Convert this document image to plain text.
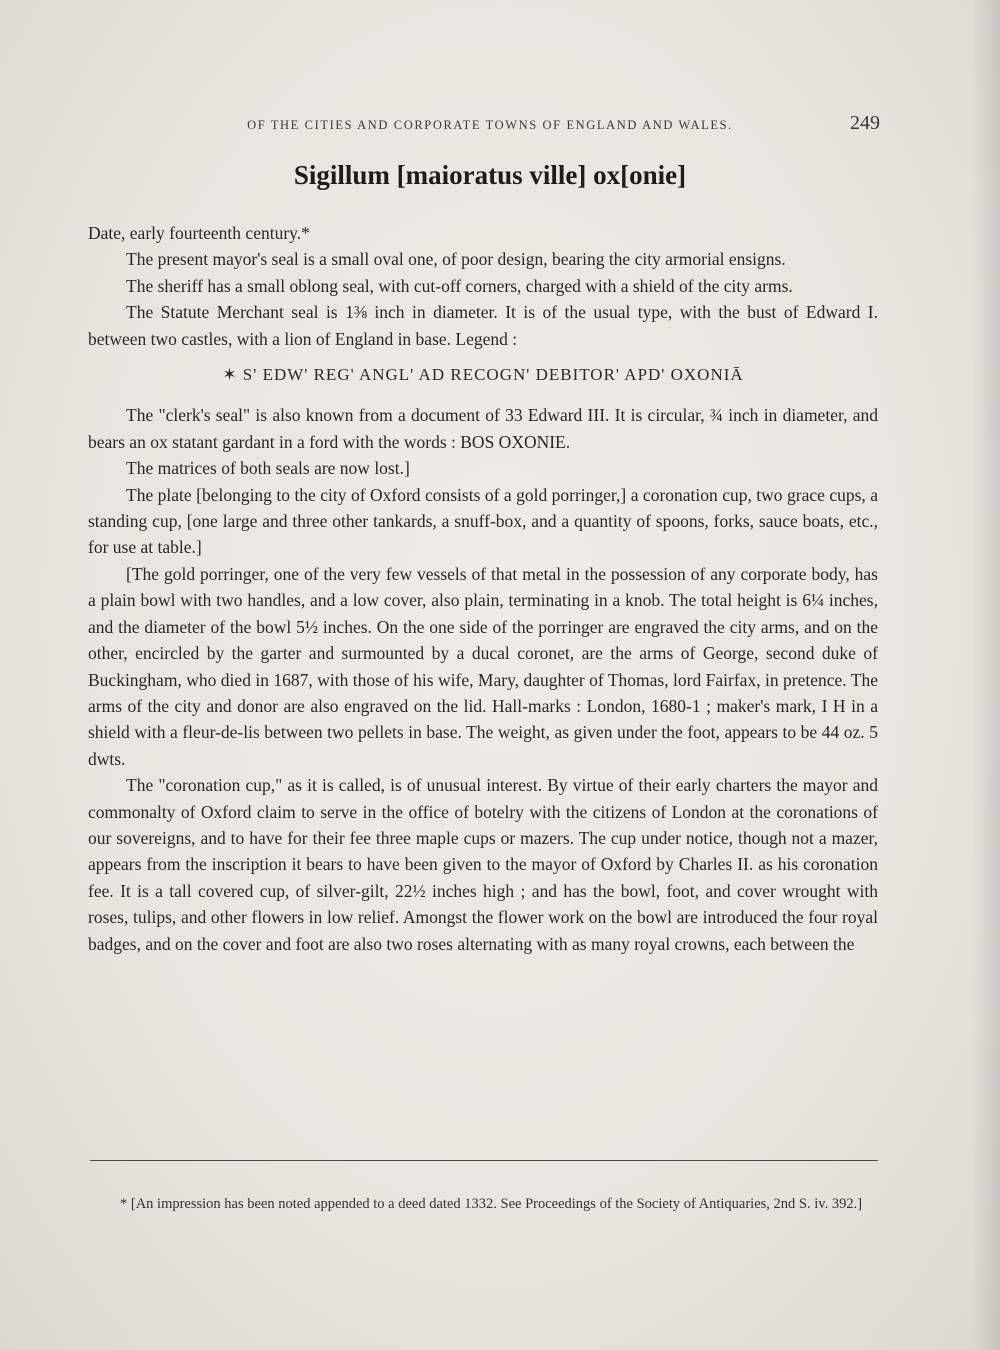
OF THE CITIES AND CORPORATE TOWNS OF ENGLAND AND WALES.	249
Sigillum [maioratus ville] ox[onie]

Date, early fourteenth century.*

The present mayor's seal is a small oval one, of poor design, bearing the city armorial ensigns.

The sheriff has a small oblong seal, with cut-off corners, charged with a shield of the city arms.

The Statute Merchant seal is 1⅜ inch in diameter. It is of the usual type, with the bust of Edward I. between two castles, with a lion of England in base. Legend :

✶ S' EDW' REG' ANGL' AD RECOGN' DEBITOR' APD' OXONIĀ

The "clerk's seal" is also known from a document of 33 Edward III. It is circular, ¾ inch in diameter, and bears an ox statant gardant in a ford with the words : BOS OXONIE.

The matrices of both seals are now lost.]

The plate [belonging to the city of Oxford consists of a gold porringer,] a coronation cup, two grace cups, a standing cup, [one large and three other tankards, a snuff-box, and a quantity of spoons, forks, sauce boats, etc., for use at table.]

[The gold porringer, one of the very few vessels of that metal in the possession of any corporate body, has a plain bowl with two handles, and a low cover, also plain, terminating in a knob. The total height is 6¼ inches, and the diameter of the bowl 5½ inches. On the one side of the porringer are engraved the city arms, and on the other, encircled by the garter and surmounted by a ducal coronet, are the arms of George, second duke of Buckingham, who died in 1687, with those of his wife, Mary, daughter of Thomas, lord Fairfax, in pretence. The arms of the city and donor are also engraved on the lid. Hall-marks : London, 1680-1 ; maker's mark, I H in a shield with a fleur-de-lis between two pellets in base. The weight, as given under the foot, appears to be 44 oz. 5 dwts.

The "coronation cup," as it is called, is of unusual interest. By virtue of their early charters the mayor and commonalty of Oxford claim to serve in the office of botelry with the citizens of London at the coronations of our sovereigns, and to have for their fee three maple cups or mazers. The cup under notice, though not a mazer, appears from the inscription it bears to have been given to the mayor of Oxford by Charles II. as his coronation fee. It is a tall covered cup, of silver-gilt, 22½ inches high ; and has the bowl, foot, and cover wrought with roses, tulips, and other flowers in low relief. Amongst the flower work on the bowl are introduced the four royal badges, and on the cover and foot are also two roses alternating with as many royal crowns, each between the

* [An impression has been noted appended to a deed dated 1332. See Proceedings of the Society of Antiquaries, 2nd S. iv. 392.]
